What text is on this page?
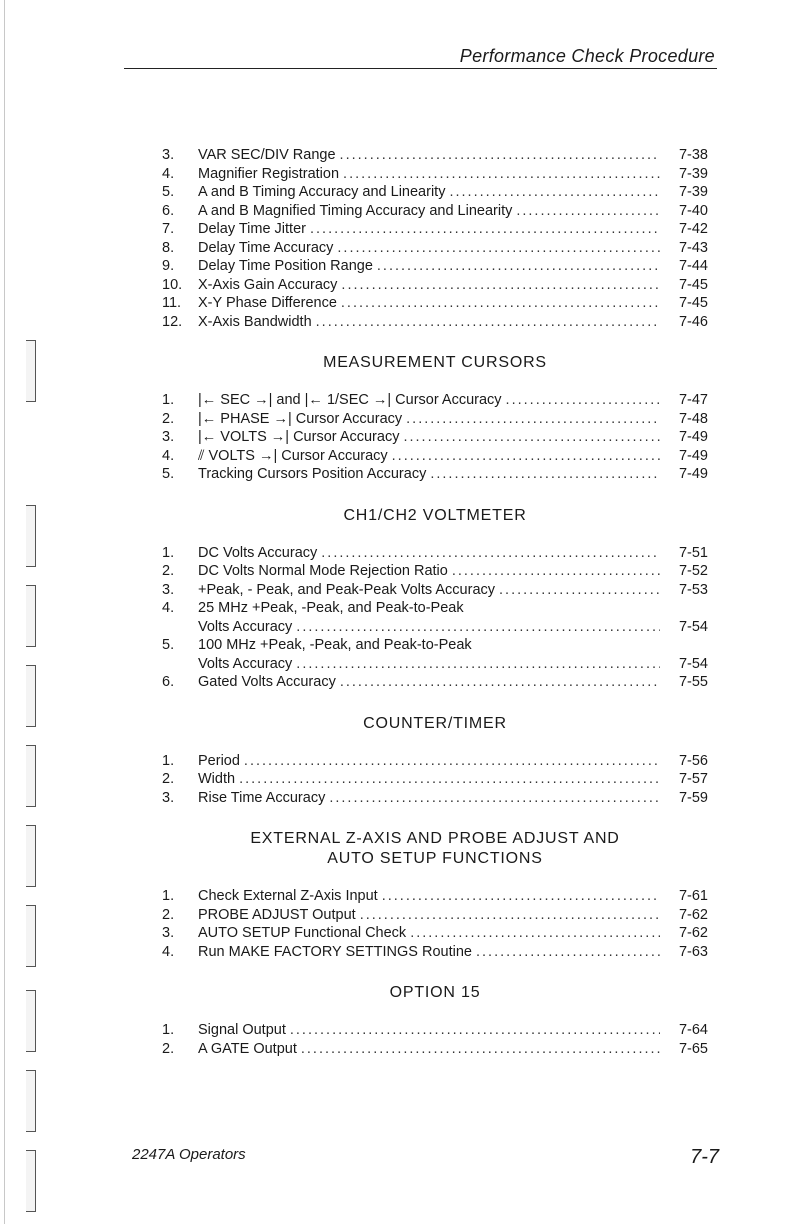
Performance Check Procedure
3.	VAR SEC/DIV Range .....	7-38
4.	Magnifier Registration .....	7-39
5.	A and B Timing Accuracy and Linearity .....	7-39
6.	A and B Magnified Timing Accuracy and Linearity .....	7-40
7.	Delay Time Jitter .....	7-42
8.	Delay Time Accuracy .....	7-43
9.	Delay Time Position Range .....	7-44
10.	X-Axis Gain Accuracy .....	7-45
11.	X-Y Phase Difference .....	7-45
12.	X-Axis Bandwidth .....	7-46
MEASUREMENT CURSORS
1.	|← SEC →| and |← 1/SEC →| Cursor Accuracy .....	7-47
2.	|← PHASE →| Cursor Accuracy .....	7-48
3.	|← VOLTS →| Cursor Accuracy .....	7-49
4.	⫽ VOLTS →| Cursor Accuracy .....	7-49
5.	Tracking Cursors Position Accuracy .....	7-49
CH1/CH2 VOLTMETER
1.	DC Volts Accuracy .....	7-51
2.	DC Volts Normal Mode Rejection Ratio .....	7-52
3.	+Peak, - Peak, and Peak-Peak Volts Accuracy .....	7-53
4.	25 MHz +Peak, -Peak, and Peak-to-Peak
Volts Accuracy .....	7-54
5.	100 MHz +Peak, -Peak, and Peak-to-Peak
Volts Accuracy .....	7-54
6.	Gated Volts Accuracy .....	7-55
COUNTER/TIMER
1.	Period .....	7-56
2.	Width .....	7-57
3.	Rise Time Accuracy .....	7-59
EXTERNAL Z-AXIS AND PROBE ADJUST AND
AUTO SETUP FUNCTIONS
1.	Check External Z-Axis Input .....	7-61
2.	PROBE ADJUST Output .....	7-62
3.	AUTO SETUP Functional Check .....	7-62
4.	Run MAKE FACTORY SETTINGS Routine .....	7-63
OPTION 15
1.	Signal Output .....	7-64
2.	A GATE Output .....	7-65
2247A Operators	7-7
